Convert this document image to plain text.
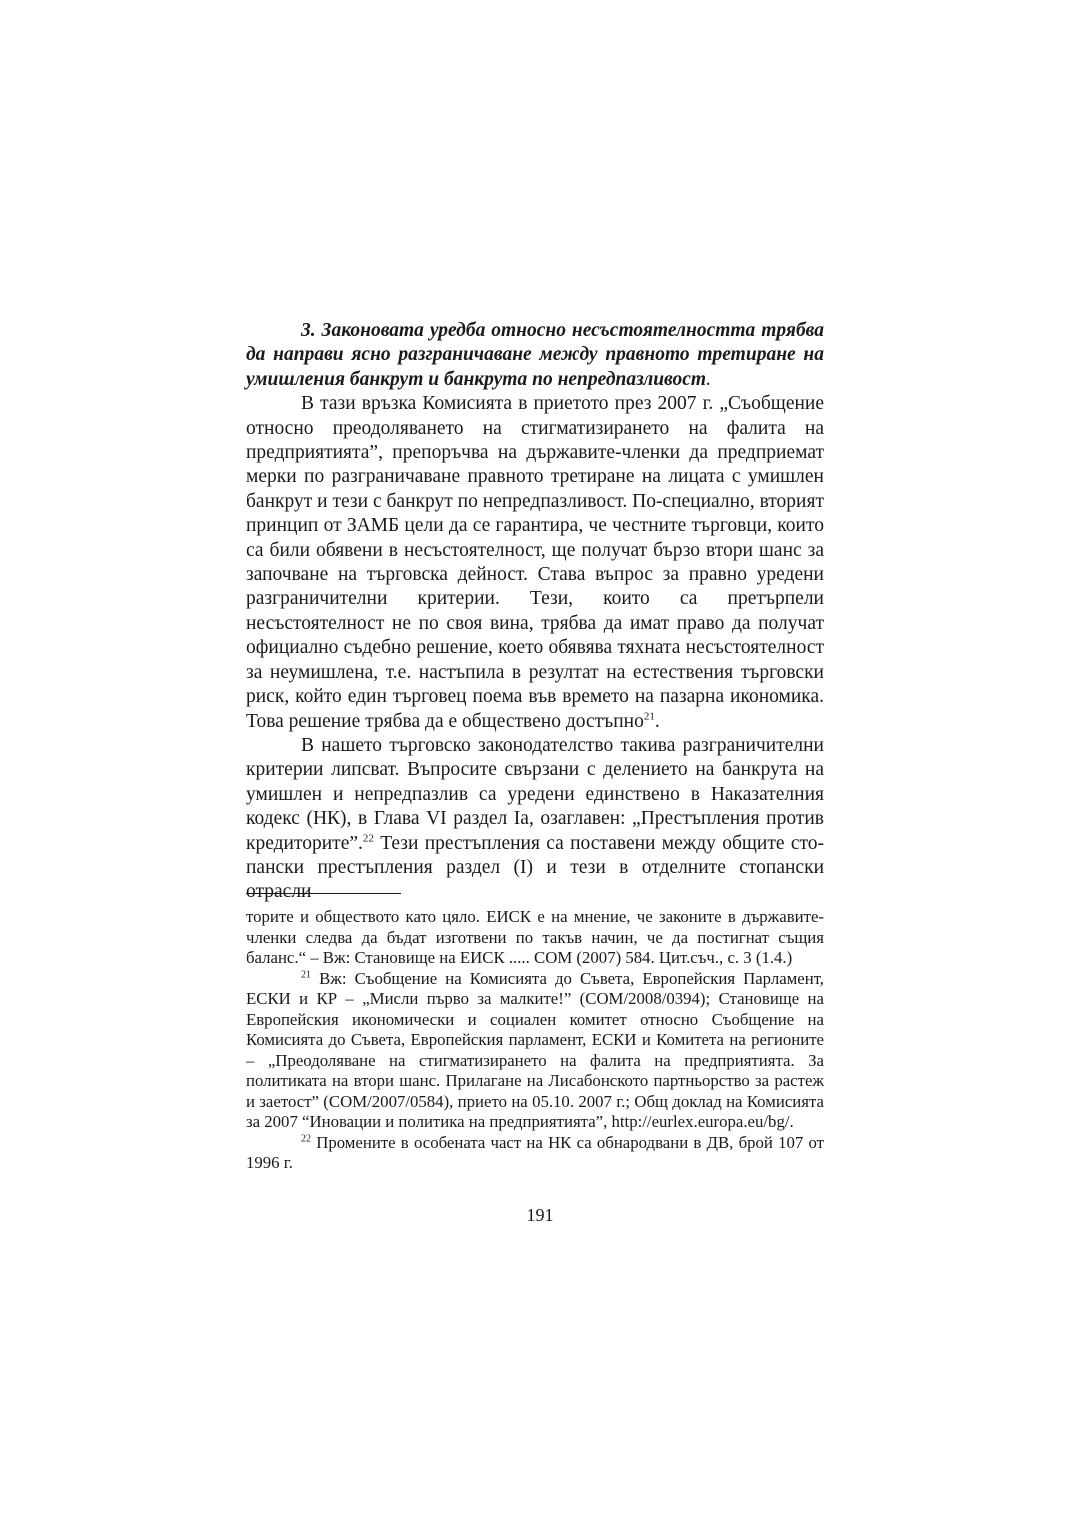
3. Законовата уредба относно несъстоятелността трябва да направи ясно разграничаване между правното третиране на умишления банкрут и банкрута по непредпазливост.

В тази връзка Комисията в приетото през 2007 г. „Съобщение относно преодоляването на стигматизирането на фалита на предприятията”, препоръчва на държавите-членки да предприемат мерки по разграничаване правното третиране на лицата с умишлен банкрут и тези с банкрут по непредпазливост. По-специално, вторият принцип от ЗАМБ цели да се гарантира, че честните търговци, които са били обявени в несъстоятелност, ще получат бързо втори шанс за започване на търговска дейност. Става въпрос за правно уредени разграничителни критерии. Тези, които са претърпели несъстоятелност не по своя вина, трябва да имат право да получат официално съдебно решение, което обявява тяхната несъстоятелност за неумишлена, т.е. настъпила в резултат на естествения търговски риск, който един търговец поема във времето на пазарна икономика. Това решение трябва да е обществено достъпно$^{21}$.

В нашето търговско законодателство такива разграничителни критерии липсват. Въпросите свързани с делението на банкрута на умишлен и непредпазлив са уредени единствено в Наказателния кодекс (НК), в Глава VI раздел Iа, озаглавен: „Престъпления против кредиторите”.$^{22}$ Тези престъпления са поставени между общите стопански престъпления раздел (I) и тези в отделните стопански отрасли

торите и обществото като цяло. ЕИСК е на мнение, че законите в държавите-членки следва да бъдат изготвени по такъв начин, че да постигнат същия баланс.“ – Вж: Становище на ЕИСК ..... COM (2007) 584. Цит.съч., с. 3 (1.4.)

$^{21}$ Вж: Съобщение на Комисията до Съвета, Европейския Парламент, ЕСКИ и КР – „Мисли първо за малките!” (COM/2008/0394); Становище на Европейския икономически и социален комитет относно Съобщение на Комисията до Съвета, Европейския парламент, ЕСКИ и Комитета на регионите – „Преодоляване на стигматизирането на фалита на предприятията. За политиката на втори шанс. Прилагане на Лисабонското партньорство за растеж и заетост” (COM/2007/0584), прието на 05.10. 2007 г.; Общ доклад на Комисията за 2007 “Иновации и политика на предприятията”, http://eurlex.europa.eu/bg/.

$^{22}$ Промените в особената част на НК са обнародвани в ДВ, брой 107 от 1996 г.

191
